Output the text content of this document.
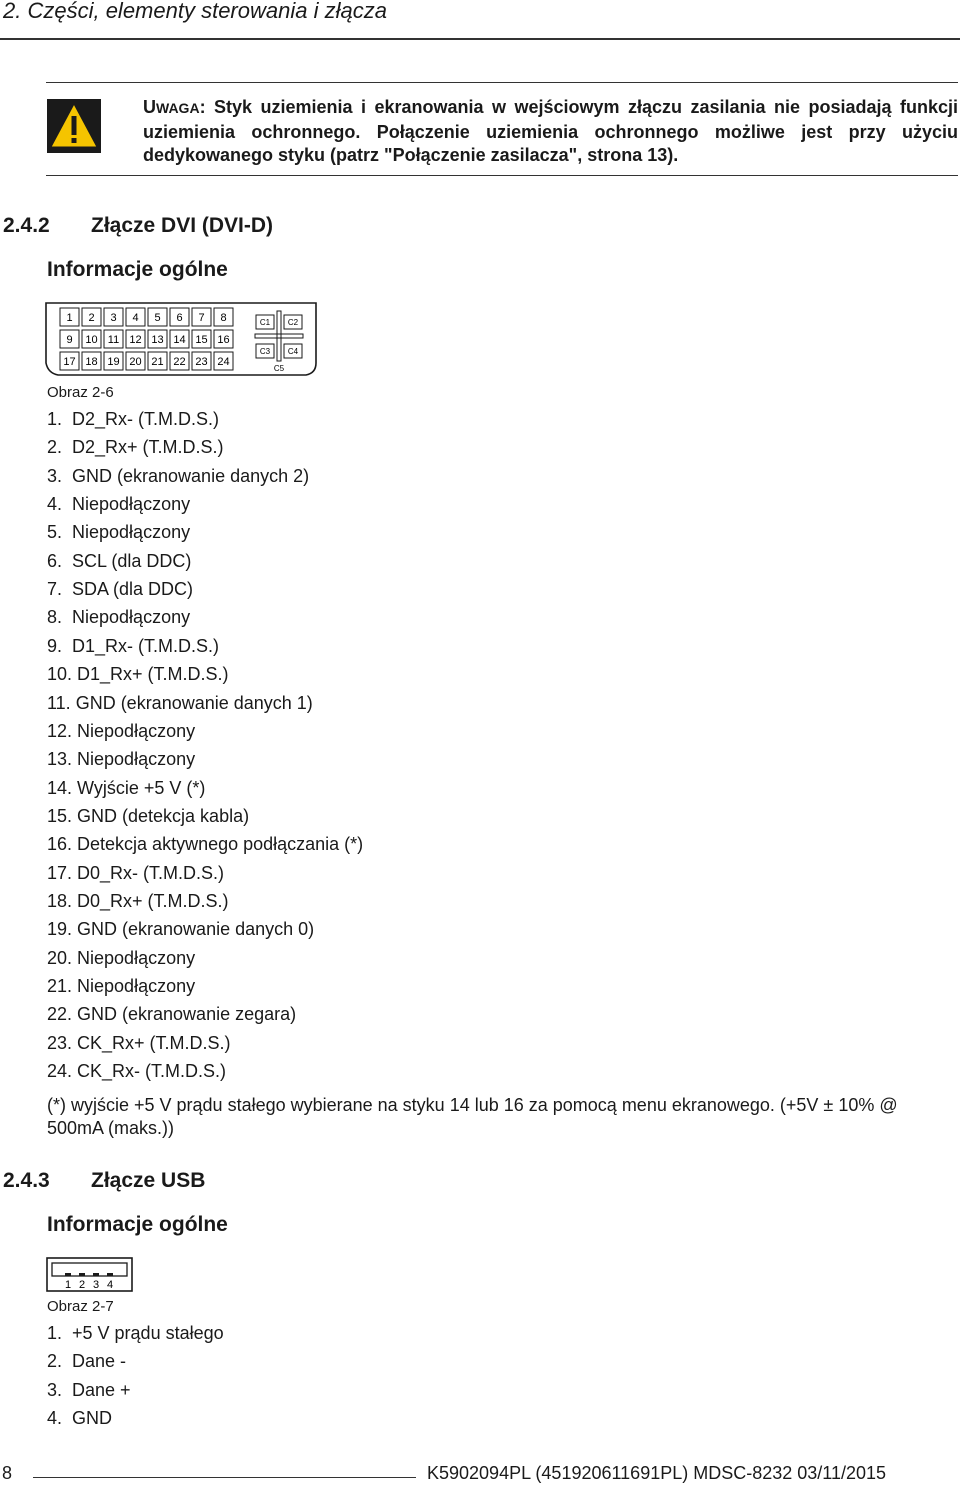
2. Części, elementy sterowania i złącza
UWAGA: Styk uziemienia i ekranowania w wejściowym złączu zasilania nie posiadają funkcji uziemienia ochronnego. Połączenie uziemienia ochronnego możliwe jest przy użyciu dedykowanego styku (patrz "Połączenie zasilacza", strona 13).
2.4.2 Złącze DVI (DVI-D)
Informacje ogólne
1 2 3 4 5 6 7 8
9 10 11 12 13 14 15 16
17 18 19 20 21 22 23 24
C1 C2
C3 C4
C5
Obraz 2-6
1.  D2_Rx- (T.M.D.S.)
2.  D2_Rx+ (T.M.D.S.)
3.  GND (ekranowanie danych 2)
4.  Niepodłączony
5.  Niepodłączony
6.  SCL (dla DDC)
7.  SDA (dla DDC)
8.  Niepodłączony
9.  D1_Rx- (T.M.D.S.)
10. D1_Rx+ (T.M.D.S.)
11. GND (ekranowanie danych 1)
12. Niepodłączony
13. Niepodłączony
14. Wyjście +5 V (*)
15. GND (detekcja kabla)
16. Detekcja aktywnego podłączania (*)
17. D0_Rx- (T.M.D.S.)
18. D0_Rx+ (T.M.D.S.)
19. GND (ekranowanie danych 0)
20. Niepodłączony
21. Niepodłączony
22. GND (ekranowanie zegara)
23. CK_Rx+ (T.M.D.S.)
24. CK_Rx- (T.M.D.S.)
(*) wyjście +5 V prądu stałego wybierane na styku 14 lub 16 za pomocą menu ekranowego. (+5V ± 10% @ 500mA (maks.))
2.4.3 Złącze USB
Informacje ogólne
1 2 3 4
Obraz 2-7
1.  +5 V prądu stałego
2.  Dane -
3.  Dane +
4.  GND
8	K5902094PL (451920611691PL) MDSC-8232 03/11/2015
